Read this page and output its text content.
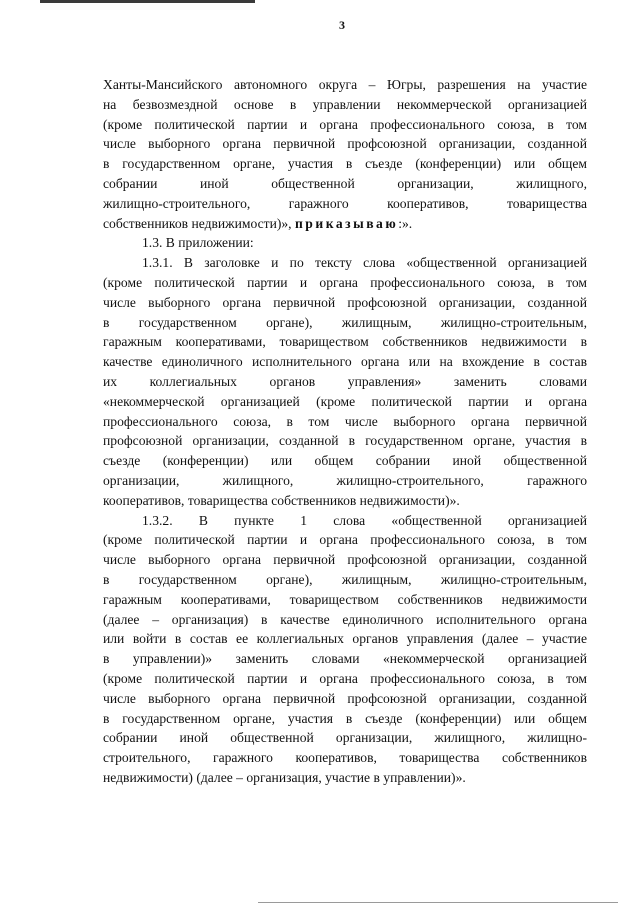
3
Ханты-Мансийского автономного округа – Югры, разрешения на участие
на безвозмездной основе в управлении некоммерческой организацией
(кроме политической партии и органа профессионального союза, в том
числе выборного органа первичной профсоюзной организации, созданной
в государственном органе, участия в съезде (конференции) или общем
собрании иной общественной организации, жилищного,
жилищно-строительного, гаражного кооперативов, товарищества
собственников недвижимости)», приказываю:».
1.3. В приложении:
1.3.1. В заголовке и по тексту слова «общественной организацией
(кроме политической партии и органа профессионального союза, в том
числе выборного органа первичной профсоюзной организации, созданной
в государственном органе), жилищным, жилищно-строительным,
гаражным кооперативами, товариществом собственников недвижимости в
качестве единоличного исполнительного органа или на вхождение в состав
их коллегиальных органов управления» заменить словами
«некоммерческой организацией (кроме политической партии и органа
профессионального союза, в том числе выборного органа первичной
профсоюзной организации, созданной в государственном органе, участия в
съезде (конференции) или общем собрании иной общественной
организации, жилищного, жилищно-строительного, гаражного
кооперативов, товарищества собственников недвижимости)».
1.3.2. В пункте 1 слова «общественной организацией
(кроме политической партии и органа профессионального союза, в том
числе выборного органа первичной профсоюзной организации, созданной
в государственном органе), жилищным, жилищно-строительным,
гаражным кооперативами, товариществом собственников недвижимости
(далее – организация) в качестве единоличного исполнительного органа
или войти в состав ее коллегиальных органов управления (далее – участие
в управлении)» заменить словами «некоммерческой организацией
(кроме политической партии и органа профессионального союза, в том
числе выборного органа первичной профсоюзной организации, созданной
в государственном органе, участия в съезде (конференции) или общем
собрании иной общественной организации, жилищного, жилищно-
строительного, гаражного кооперативов, товарищества собственников
недвижимости) (далее – организация, участие в управлении)».
